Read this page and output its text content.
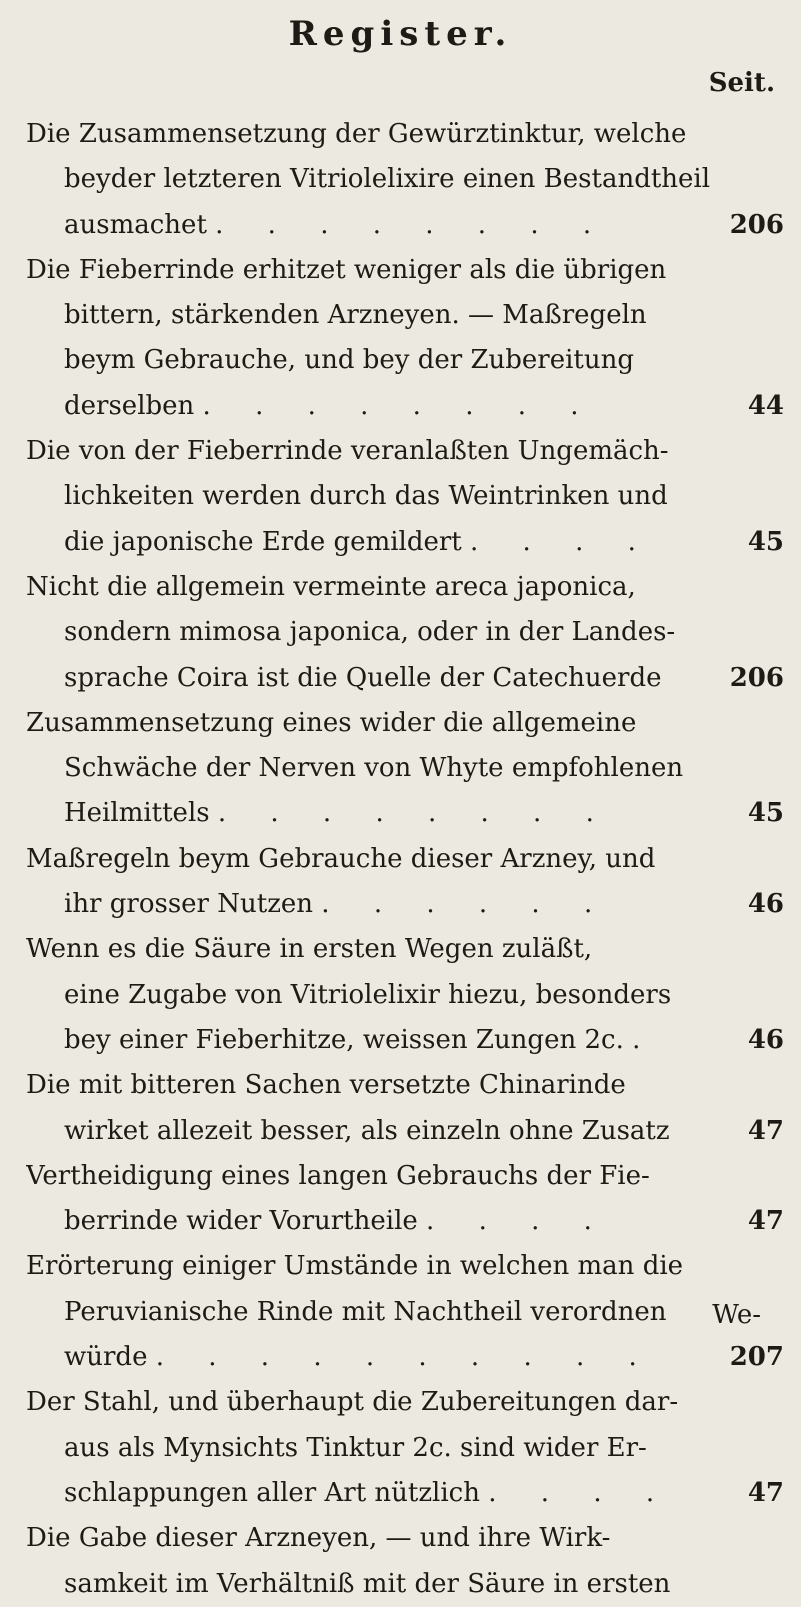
Register.
Seit.
Die Zusammensetzung der Gewürztinktur, welche
beyder letzteren Vitriolelixire einen Bestandtheil
ausmachet . . . . . . . .	206
Die Fieberrinde erhitzet weniger als die übrigen
bittern, stärkenden Arzneyen. — Maßregeln
beym Gebrauche, und bey der Zubereitung
derselben . . . . . . . .	44
Die von der Fieberrinde veranlaßten Ungemäch-
lichkeiten werden durch das Weintrinken und
die japonische Erde gemildert . . . .	45
Nicht die allgemein vermeinte areca japonica,
sondern mimosa japonica, oder in der Landes-
sprache Coira ist die Quelle der Catechuerde	206
Zusammensetzung eines wider die allgemeine
Schwäche der Nerven von Whyte empfohlenen
Heilmittels . . . . . . . .	45
Maßregeln beym Gebrauche dieser Arzney, und
ihr grosser Nutzen . . . . . .	46
Wenn es die Säure in ersten Wegen zuläßt,
eine Zugabe von Vitriolelixir hiezu, besonders
bey einer Fieberhitze, weissen Zungen 2c. .	46
Die mit bitteren Sachen versetzte Chinarinde
wirket allezeit besser, als einzeln ohne Zusatz	47
Vertheidigung eines langen Gebrauchs der Fie-
berrinde wider Vorurtheile . . . .	47
Erörterung einiger Umstände in welchen man die
Peruvianische Rinde mit Nachtheil verordnen
würde . . . . . . . . . .	207
Der Stahl, und überhaupt die Zubereitungen dar-
aus als Mynsichts Tinktur 2c. sind wider Er-
schlappungen aller Art nützlich . . . .	47
Die Gabe dieser Arzneyen, — und ihre Wirk-
samkeit im Verhältniß mit der Säure in ersten
We-
